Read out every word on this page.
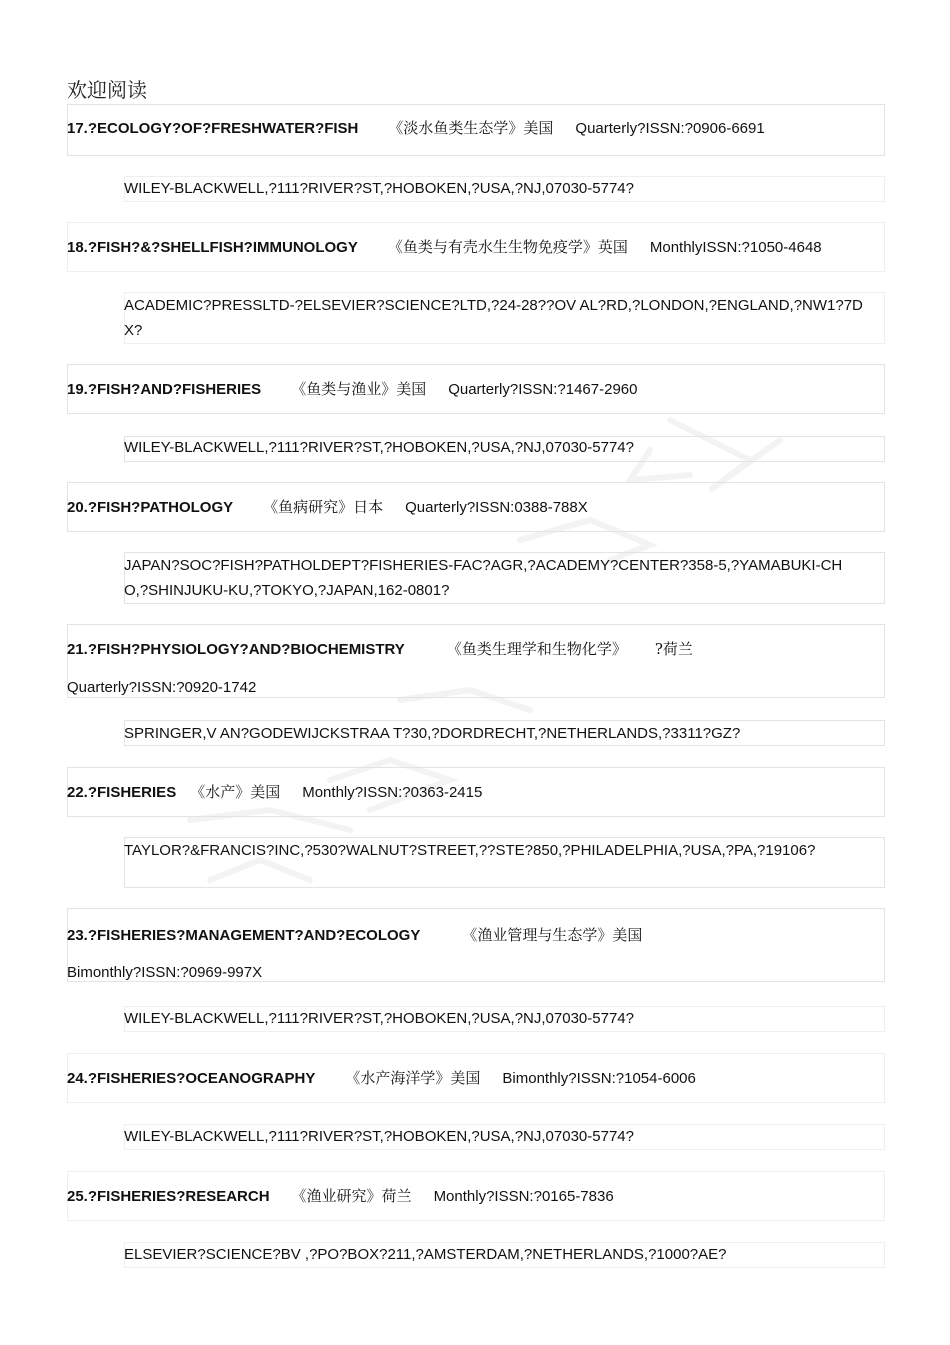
欢迎阅读
17.?ECOLOGY?OF?FRESHWATER?FISH 《淡水鱼类生态学》美国 Quarterly?ISSN:?0906-6691
WILEY-BLACKWELL,?111?RIVER?ST,?HOBOKEN,?USA,?NJ,07030-5774?
18.?FISH?&?SHELLFISH?IMMUNOLOGY 《鱼类与有壳水生生物免疫学》英国 MonthlyISSN:?1050-4648
ACADEMIC?PRESSLTD-?ELSEVIER?SCIENCE?LTD,?24-28??OV AL?RD,?LONDON,?ENGLAND,?NW1?7DX?
19.?FISH?AND?FISHERIES 《鱼类与渔业》美国 Quarterly?ISSN:?1467-2960
WILEY-BLACKWELL,?111?RIVER?ST,?HOBOKEN,?USA,?NJ,07030-5774?
20.?FISH?PATHOLOGY 《鱼病研究》日本 Quarterly?ISSN:0388-788X
JAPAN?SOC?FISH?PATHOLDEPT?FISHERIES-FAC?AGR,?ACADEMY?CENTER?358-5,?YAMABUKI-CHO,?SHINJUKU-KU,?TOKYO,?JAPAN,162-0801?
21.?FISH?PHYSIOLOGY?AND?BIOCHEMISTRY	《鱼类生理学和生物化学》 ?荷兰
Quarterly?ISSN:?0920-1742
SPRINGER,V AN?GODEWIJCKSTRAA T?30,?DORDRECHT,?NETHERLANDS,?3311?GZ?
22.?FISHERIES 《水产》美国 Monthly?ISSN:?0363-2415
TAYLOR?&FRANCIS?INC,?530?WALNUT?STREET,??STE?850,?PHILADELPHIA,?USA,?PA,?19106?
23.?FISHERIES?MANAGEMENT?AND?ECOLOGY	《渔业管理与生态学》美国
Bimonthly?ISSN:?0969-997X
WILEY-BLACKWELL,?111?RIVER?ST,?HOBOKEN,?USA,?NJ,07030-5774?
24.?FISHERIES?OCEANOGRAPHY 《水产海洋学》美国 Bimonthly?ISSN:?1054-6006
WILEY-BLACKWELL,?111?RIVER?ST,?HOBOKEN,?USA,?NJ,07030-5774?
25.?FISHERIES?RESEARCH 《渔业研究》荷兰 Monthly?ISSN:?0165-7836
ELSEVIER?SCIENCE?BV ,?PO?BOX?211,?AMSTERDAM,?NETHERLANDS,?1000?AE?
